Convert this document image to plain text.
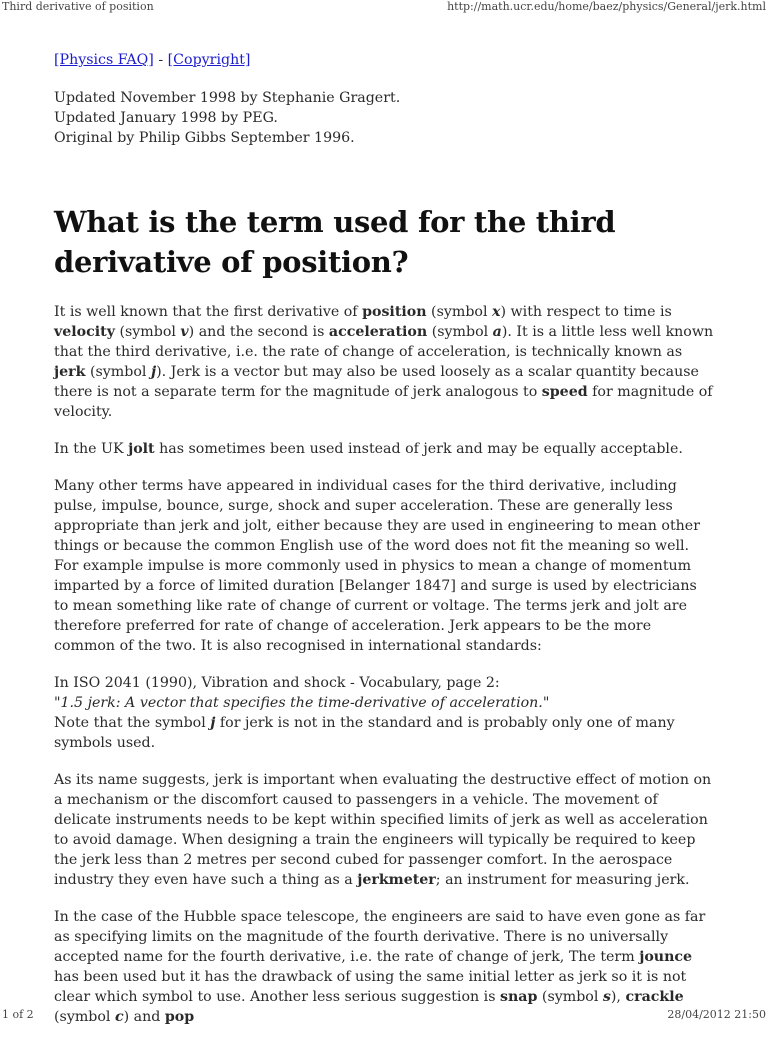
Third derivative of position	http://math.ucr.edu/home/baez/physics/General/jerk.html
[Physics FAQ] - [Copyright]

Updated November 1998 by Stephanie Gragert.

Updated January 1998 by PEG.

Original by Philip Gibbs September 1996.

What is the term used for the third derivative of position?

It is well known that the first derivative of position (symbol x) with respect to time is velocity (symbol v) and the second is acceleration (symbol a). It is a little less well known that the third derivative, i.e. the rate of change of acceleration, is technically known as jerk (symbol j). Jerk is a vector but may also be used loosely as a scalar quantity because there is not a separate term for the magnitude of jerk analogous to speed for magnitude of velocity.

In the UK jolt has sometimes been used instead of jerk and may be equally acceptable.

Many other terms have appeared in individual cases for the third derivative, including pulse, impulse, bounce, surge, shock and super acceleration. These are generally less appropriate than jerk and jolt, either because they are used in engineering to mean other things or because the common English use of the word does not fit the meaning so well. For example impulse is more commonly used in physics to mean a change of momentum imparted by a force of limited duration [Belanger 1847] and surge is used by electricians to mean something like rate of change of current or voltage. The terms jerk and jolt are therefore preferred for rate of change of acceleration. Jerk appears to be the more common of the two. It is also recognised in international standards:

In ISO 2041 (1990), Vibration and shock - Vocabulary, page 2:
"1.5 jerk: A vector that specifies the time-derivative of acceleration."
Note that the symbol j for jerk is not in the standard and is probably only one of many symbols used.

As its name suggests, jerk is important when evaluating the destructive effect of motion on a mechanism or the discomfort caused to passengers in a vehicle. The movement of delicate instruments needs to be kept within specified limits of jerk as well as acceleration to avoid damage. When designing a train the engineers will typically be required to keep the jerk less than 2 metres per second cubed for passenger comfort. In the aerospace industry they even have such a thing as a jerkmeter; an instrument for measuring jerk.

In the case of the Hubble space telescope, the engineers are said to have even gone as far as specifying limits on the magnitude of the fourth derivative. There is no universally accepted name for the fourth derivative, i.e. the rate of change of jerk, The term jounce has been used but it has the drawback of using the same initial letter as jerk so it is not clear which symbol to use. Another less serious suggestion is snap (symbol s), crackle (symbol c) and pop

1 of 2	28/04/2012 21:50
